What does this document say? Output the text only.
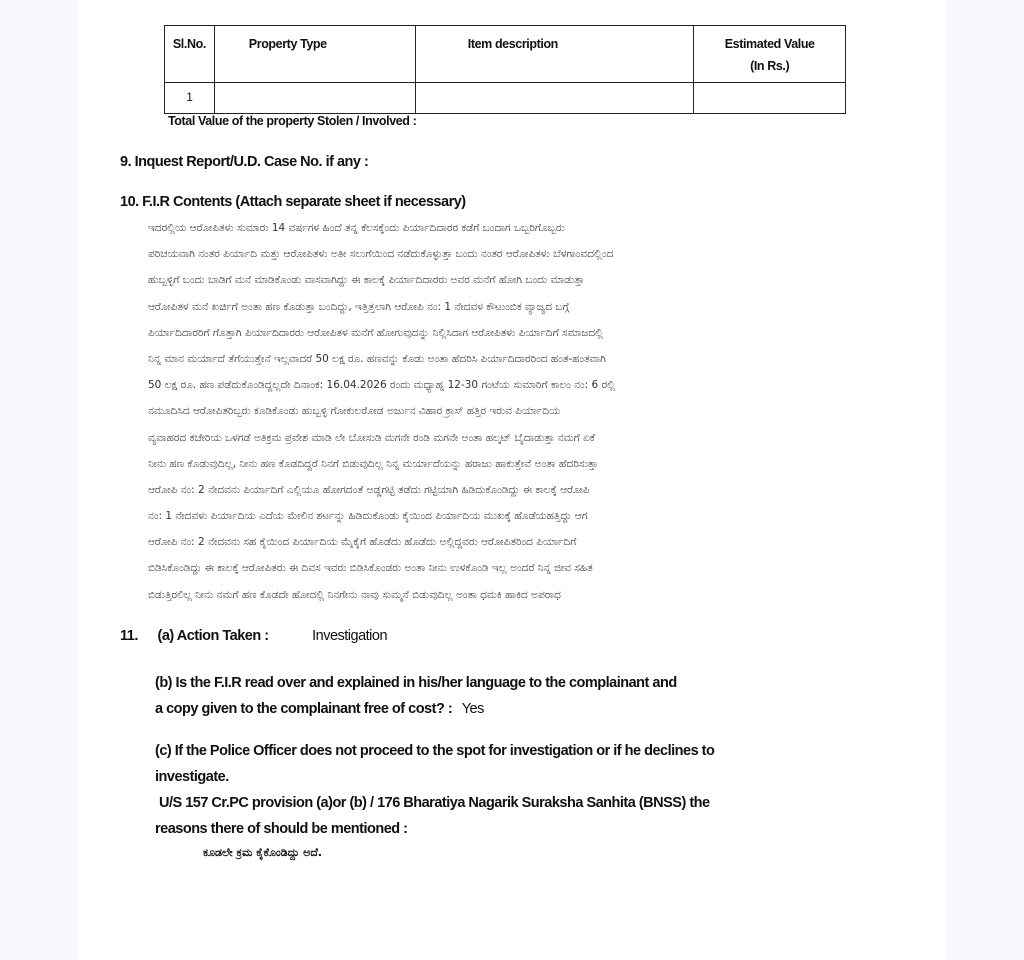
Sl.No.	Property Type	Item description	Estimated Value
(In Rs.)

1			
Total Value of the property Stolen / Involved :
9. Inquest Report/U.D. Case No. if any :
10. F.I.R Contents (Attach separate sheet if necessary)
ಇದರಲ್ಲಿಯ ಆರೋಪಿತಳು ಸುಮಾರು 14 ವರ್ಷಗಳ ಹಿಂದೆ ತನ್ನ ಕೆಲಸಕ್ಕೆಂದು ಪಿರ್ಯಾದಿದಾರರ ಕಡೆಗೆ ಬಂದಾಗ ಒಬ್ಬರಿಗೊಬ್ಬರು
ಪರಿಚಯವಾಗಿ ನಂತರ ಪಿರ್ಯಾದಿ ಮತ್ತು ಆರೋಪಿತಳು ಅತೀ ಸಲುಗೆಯಿಂದ ನಡೆದುಕೊಳ್ಳುತ್ತಾ ಬಂದು ನಂತರ ಆರೋಪಿತಳು ಬೆಳಗಾಂವದಲ್ಲಿಂದ
ಹುಬ್ಬಳ್ಳಿಗೆ ಬಂದು ಬಾಡಿಗೆ ಮನೆ ಮಾಡಿಕೊಂಡು ವಾಸವಾಗಿದ್ದು ಈ ಕಾಲಕ್ಕೆ ಪಿರ್ಯಾದಿದಾರರು ಅವರ ಮನೆಗೆ ಹೋಗಿ ಬಂದು ಮಾಡುತ್ತಾ
ಆರೋಪಿತಳ ಮನೆ ಖರ್ಚಿಗೆ ಅಂತಾ ಹಣ ಕೊಡುತ್ತಾ ಬಂದಿದ್ದು, ಇತ್ತಿತ್ತಲಾಗಿ ಆರೋಪಿ ನಂ: 1 ನೇದವಳ ಕೌಟುಂಬಿಕ ವ್ಯಾಜ್ಯದ ಬಗ್ಗೆ
ಪಿರ್ಯಾದಿದಾರರಿಗೆ ಗೊತ್ತಾಗಿ ಪಿರ್ಯಾದಿದಾರರು ಆರೋಪಿತಳ ಮನೆಗೆ ಹೋಗುವುದನ್ನು ನಿಲ್ಲಿಸಿದಾಗ ಆರೋಪಿತಳು ಪಿರ್ಯಾದಿಗೆ ಸಮಾಜದಲ್ಲಿ
ನಿನ್ನ ಮಾನ ಮರ್ಯಾದೆ ತೆಗೆಯುತ್ತೇನೆ ಇಲ್ಲವಾದರೆ 50 ಲಕ್ಷ ರೂ. ಹಣವನ್ನು ಕೊಡು ಅಂತಾ ಹೆದರಿಸಿ ಪಿರ್ಯಾದಿದಾರರಿಂದ ಹಂತ-ಹಂತವಾಗಿ
50 ಲಕ್ಷ ರೂ. ಹಣ ಪಡೆದುಕೊಂಡಿದ್ದಲ್ಲದೇ ದಿನಾಂಕ: 16.04.2026 ರಂದು ಮಧ್ಯಾಹ್ನ 12-30 ಗಂಟೆಯ ಸುಮಾರಿಗೆ ಕಾಲಂ ನಂ: 6 ರಲ್ಲಿ
ನಮೂದಿಸಿದ ಆರೋಪಿತರಿಬ್ಬರು ಕೂಡಿಕೊಂಡು ಹುಬ್ಬಳ್ಳಿ ಗೋಕುಲರೋಡ ಅರ್ಜುನ ವಿಹಾರ ಕ್ರಾಸ್ ಹತ್ತಿರ ಇರುವ ಪಿರ್ಯಾದಿಯ
ವ್ಯವಾಹರದ ಕಚೇರಿಯ ಒಳಗಡೆ ಅತಿಕ್ರಮ ಪ್ರವೇಶ ಮಾಡಿ ಲೇ ಬೋಸುಡಿ ಮಗನೇ ರಂಡಿ ಮಗನೇ ಅಂತಾ ಹಲ್ಕಟ್ ಬೈದಾಡುತ್ತಾ ನಮಗೆ ಏಕೆ
ನೀನು ಹಣ ಕೊಡುವುದಿಲ್ಲ, ನೀನು ಹಣ ಕೊಡದಿದ್ದರೆ ನಿನಗೆ ಬಿಡುವುದಿಲ್ಲ ನಿನ್ನ ಮರ್ಯಾದೆಯನ್ನು ಹರಾಜು ಹಾಕುತ್ತೇವೆ ಅಂತಾ ಹೆದರಿಸುತ್ತಾ
ಆರೋಪಿ ನಂ: 2 ನೇದವನು ಪಿರ್ಯಾದಿಗೆ ಎಲ್ಲಿಯೂ ಹೋಗದಂತೆ ಅಡ್ಡಗಟ್ಟಿ ತಡೆದು ಗಟ್ಟಿಯಾಗಿ ಹಿಡಿದುಕೊಂಡಿದ್ದು ಈ ಕಾಲಕ್ಕೆ ಆರೋಪಿ
ನಂ: 1 ನೇದವಳು ಪಿರ್ಯಾದಿಯ ಎದೆಯ ಮೇಲಿನ ಶರ್ಟನ್ನು ಹಿಡಿದುಕೊಂಡು ಕೈಯಿಂದ ಪಿರ್ಯಾದಿಯ ಮುಖಕ್ಕೆ ಹೊಡೆಯಹತ್ತಿದ್ದು ಆಗ
ಆರೋಪಿ ನಂ: 2 ನೇದವನು ಸಹ ಕೈಯಿಂದ ಪಿರ್ಯಾದಿಯ ಮೈಕೈಗೆ ಹೊಡೆದು ಹೊಡೆದು ಅಲ್ಲಿದ್ದವರು ಆರೋಪಿತರಿಂದ ಪಿರ್ಯಾದಿಗೆ
ಬಿಡಿಸಿಕೊಂಡಿದ್ದು ಈ ಕಾಲಕ್ಕೆ ಆರೋಪಿತರು ಈ ದಿವಸ ಇವರು ಬಿಡಿಸಿಕೊಂಡರು ಅಂತಾ ನೀನು ಉಳಕೊಂಡಿ ಇಲ್ಲ ಅಂದರೆ ನಿನ್ನ ಜೀವ ಸಹಿತ
ಬಿಡುತ್ತಿರಲಿಲ್ಲ ನೀನು ನಮಗೆ ಹಣ ಕೊಡದೇ ಹೋದಲ್ಲಿ ನಿನಗೇನು ನಾವು ಸುಮ್ಮನೆ ಬಿಡುವುದಿಲ್ಲ ಅಂತಾ ಧಮಕಿ ಹಾಕಿದ ಅಪರಾಧ
11. (a) Action Taken :	Investigation
(b) Is the F.I.R read over and explained in his/her language to the complainant and
a copy given to the complainant free of cost? : Yes
(c) If the Police Officer does not proceed to the spot for investigation or if he declines to
investigate.
U/S 157 Cr.PC provision (a)or (b) / 176 Bharatiya Nagarik Suraksha Sanhita (BNSS) the
reasons there of should be mentioned :
ಕೂಡಲೇ ಕ್ರಮ ಕೈಕೊಂಡಿದ್ದು ಅದೆ.
